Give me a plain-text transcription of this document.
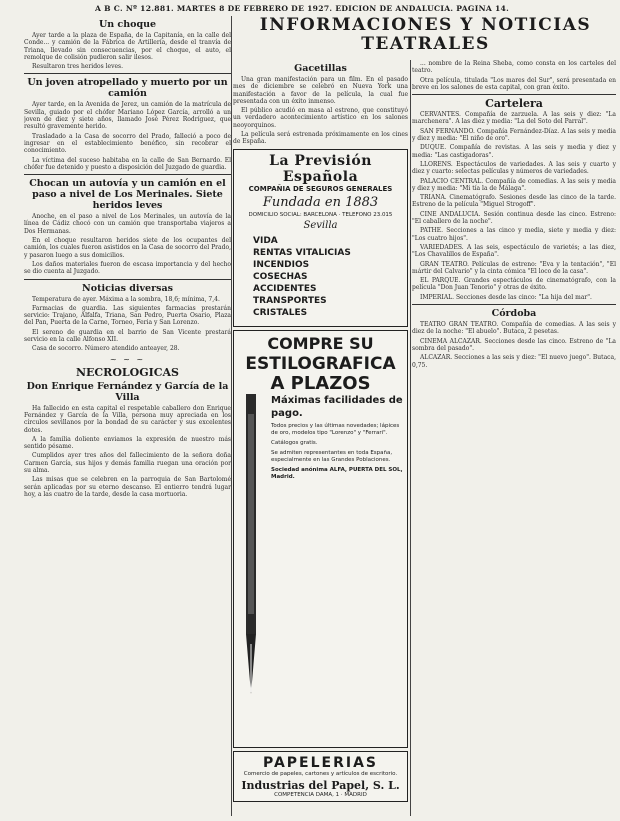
A B C. Nº 12.881. MARTES 8 DE FEBRERO DE 1927. EDICION DE ANDALUCIA. PAGINA 14.
Un choque

Ayer tarde a la plaza de España, de la Capitanía, en la calle del Conde... y camión de la Fábrica de Artillería, desde el tranvía de Triana, llevado sin consecuencias, por el choque, el auto, el remolque de colisión pudieron salir ilesos.

Resultaron tres heridos leves.

Un joven atropellado y muerto por un camión

Ayer tarde, en la Avenida de Jerez, un camión de la matrícula de Sevilla, guiado por el chófer Mariano López García, arrolló a un joven de diez y siete años, llamado José Pérez Rodríguez, que resultó gravemente herido.

Trasladado a la Casa de socorro del Prado, falleció a poco de ingresar en el establecimiento benéfico, sin recobrar el conocimiento.

La víctima del suceso habitaba en la calle de San Bernardo. El chófer fue detenido y puesto a disposición del Juzgado de guardia.

Chocan un autovía y un camión en el paso a nivel de Los Merinales. Siete heridos leves

Anoche, en el paso a nivel de Los Merinales, un autovía de la línea de Cádiz chocó con un camión que transportaba viajeros a Dos Hermanas.

En el choque resultaron heridos siete de los ocupantes del camión, los cuales fueron asistidos en la Casa de socorro del Prado, y pasaron luego a sus domicilios.

Los daños materiales fueron de escasa importancia y del hecho se dio cuenta al Juzgado.

Noticias diversas

Temperatura de ayer. Máxima a la sombra, 18,6; mínima, 7,4.

Farmacias de guardia. Las siguientes farmacias prestarán servicio: Trajano, Alfalfa, Triana, San Pedro, Puerta Osario, Plaza del Pan, Puerta de la Carne, Torneo, Feria y San Lorenzo.

El sereno de guardia en el barrio de San Vicente prestará servicio en la calle Alfonso XII.

Casa de socorro. Número atendido anteayer, 28.

~ ~ ~
NECROLOGICAS
Don Enrique Fernández y García de la Villa

Ha fallecido en esta capital el respetable caballero don Enrique Fernández y García de la Villa, persona muy apreciada en los círculos sevillanos por la bondad de su carácter y sus excelentes dotes.

A la familia doliente enviamos la expresión de nuestro más sentido pésame.

Cumplidos ayer tres años del fallecimiento de la señora doña Carmen García, sus hijos y demás familia ruegan una oración por su alma.

Las misas que se celebren en la parroquia de San Bartolomé serán aplicadas por su eterno descanso. El entierro tendrá lugar hoy, a las cuatro de la tarde, desde la casa mortuoria.

INFORMACIONES Y NOTICIAS
TEATRALES
Gacetillas

Una gran manifestación para un film. En el pasado mes de diciembre se celebró en Nueva York una manifestación a favor de la película, la cual fue presentada con un éxito inmenso.

El público acudió en masa al estreno, que constituyó un verdadero acontecimiento artístico en los salones neoyorquinos.

La película será estrenada próximamente en los cines de España.

La Previsión Española
COMPAÑIA DE SEGUROS GENERALES
Fundada en 1883
DOMICILIO SOCIAL: BARCELONA · TELEFONO 23.015
Sevilla
VIDA
RENTAS VITALICIAS
INCENDIOS
COSECHAS
ACCIDENTES
TRANSPORTES
CRISTALES
COMPRE SU
ESTILOGRAFICA
A PLAZOS
Máximas facilidades de pago.
Todos precios y las últimas novedades; lápices de oro, modelos tipo "Lorenzo" y "Ferrari".
Catálogos gratis.
Se admiten representantes en toda España, especialmente en las Grandes Poblaciones.
Sociedad anónima ALFA, PUERTA DEL SOL, Madrid.
PAPELERIAS
Comercio de papeles, cartones y artículos de escritorio.
Industrias del Papel, S. L.
COMPETENCIA DAMA, 1 · MADRID

... nombre de la Reina Sheba, como consta en los carteles del teatro.

Otra película, titulada "Los mares del Sur", será presentada en breve en los salones de esta capital, con gran éxito.

Cartelera

CERVANTES. Compañía de zarzuela. A las seis y diez: "La marchenera". A las diez y media: "La del Soto del Parral".

SAN FERNANDO. Compañía Fernández-Díaz. A las seis y media y diez y media: "El niño de oro".

DUQUE. Compañía de revistas. A las seis y media y diez y media: "Las castigadoras".

LLORENS. Espectáculos de variedades. A las seis y cuarto y diez y cuarto: selectas películas y números de variedades.

PALACIO CENTRAL. Compañía de comedias. A las seis y media y diez y media: "Mi tía la de Málaga".

TRIANA. Cinematógrafo. Sesiones desde las cinco de la tarde. Estreno de la película "Miguel Strogoff".

CINE ANDALUCIA. Sesión continua desde las cinco. Estreno: "El caballero de la noche".

PATHE. Secciones a las cinco y media, siete y media y diez: "Los cuatro hijos".

VARIEDADES. A las seis, espectáculo de varietés; a las diez, "Los Chavalillos de España".

GRAN TEATRO. Películas de estreno: "Eva y la tentación", "El mártir del Calvario" y la cinta cómica "El loco de la casa".

EL PARQUE. Grandes espectáculos de cinematógrafo, con la película "Don Juan Tenorio" y otras de éxito.

IMPERIAL. Secciones desde las cinco: "La hija del mar".

Córdoba

TEATRO GRAN TEATRO. Compañía de comedias. A las seis y diez de la noche: "El abuelo". Butaca, 2 pesetas.

CINEMA ALCAZAR. Secciones desde las cinco. Estreno de "La sombra del pasado".

ALCAZAR. Secciones a las seis y diez: "El nuevo juego". Butaca, 0,75.
